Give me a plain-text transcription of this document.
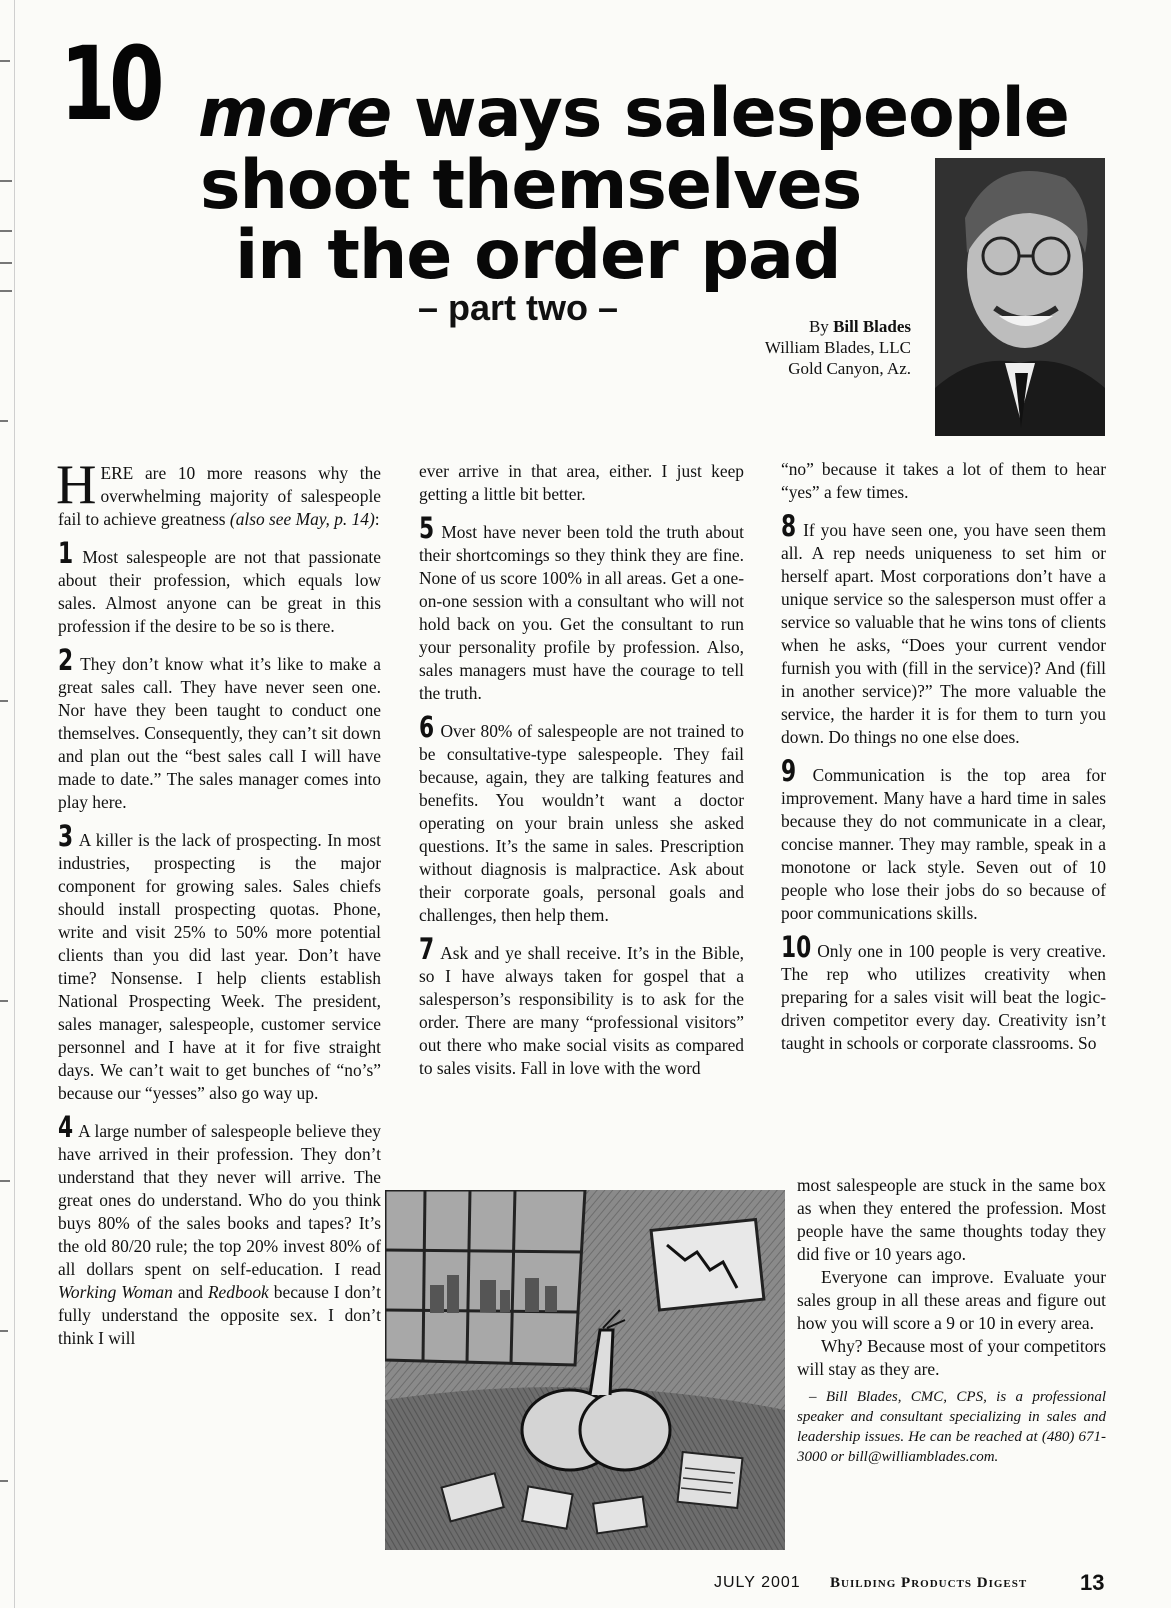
10 more ways salespeople
shoot themselves
in the order pad
– part two –	By Bill Blades
William Blades, LLC
Gold Canyon, Az.

HERE are 10 more reasons why the overwhelming majority of salespeople fail to achieve greatness (also see May, p. 14):

1 Most salespeople are not that passionate about their profession, which equals low sales. Almost anyone can be great in this profession if the desire to be so is there.

2 They don’t know what it’s like to make a great sales call. They have never seen one. Nor have they been taught to conduct one themselves. Consequently, they can’t sit down and plan out the “best sales call I will have made to date.” The sales manager comes into play here.

3 A killer is the lack of prospecting. In most industries, prospecting is the major component for growing sales. Sales chiefs should install prospecting quotas. Phone, write and visit 25% to 50% more potential clients than you did last year. Don’t have time? Nonsense. I help clients establish National Prospecting Week. The president, sales manager, salespeople, customer service personnel and I have at it for five straight days. We can’t wait to get bunches of “no’s” because our “yesses” also go way up.

4 A large number of salespeople believe they have arrived in their profession. They don’t understand that they never will arrive. The great ones do understand. Who do you think buys 80% of the sales books and tapes? It’s the old 80/20 rule; the top 20% invest 80% of all dollars spent on self-education. I read Working Woman and Redbook because I don’t fully understand the opposite sex. I don’t think I will

ever arrive in that area, either. I just keep getting a little bit better.

5 Most have never been told the truth about their shortcomings so they think they are fine. None of us score 100% in all areas. Get a one-on-one session with a consultant who will not hold back on you. Get the consultant to run your personality profile by profession. Also, sales managers must have the courage to tell the truth.

6 Over 80% of salespeople are not trained to be consultative-type salespeople. They fail because, again, they are talking features and benefits. You wouldn’t want a doctor operating on your brain unless she asked questions. It’s the same in sales. Prescription without diagnosis is malpractice. Ask about their corporate goals, personal goals and challenges, then help them.

7 Ask and ye shall receive. It’s in the Bible, so I have always taken for gospel that a salesperson’s responsibility is to ask for the order. There are many “professional visitors” out there who make social visits as compared to sales visits. Fall in love with the word

“no” because it takes a lot of them to hear “yes” a few times.

8 If you have seen one, you have seen them all. A rep needs uniqueness to set him or herself apart. Most corporations don’t have a unique service so the salesperson must offer a service so valuable that he wins tons of clients when he asks, “Does your current vendor furnish you with (fill in the service)? And (fill in another service)?” The more valuable the service, the harder it is for them to turn you down. Do things no one else does.

9 Communication is the top area for improvement. Many have a hard time in sales because they do not communicate in a clear, concise manner. They may ramble, speak in a monotone or lack style. Seven out of 10 people who lose their jobs do so because of poor communications skills.

10 Only one in 100 people is very creative. The rep who utilizes creativity when preparing for a sales visit will beat the logic-driven competitor every day. Creativity isn’t taught in schools or corporate classrooms. So

most salespeople are stuck in the same box as when they entered the profession. Most people have the same thoughts today they did five or 10 years ago.

Everyone can improve. Evaluate your sales group in all these areas and figure out how you will score a 9 or 10 in every area.

Why? Because most of your competitors will stay as they are.

– Bill Blades, CMC, CPS, is a professional speaker and consultant specializing in sales and leadership issues. He can be reached at (480) 671-3000 or bill@williamblades.com.

JULY 2001 Building Products Digest 13
